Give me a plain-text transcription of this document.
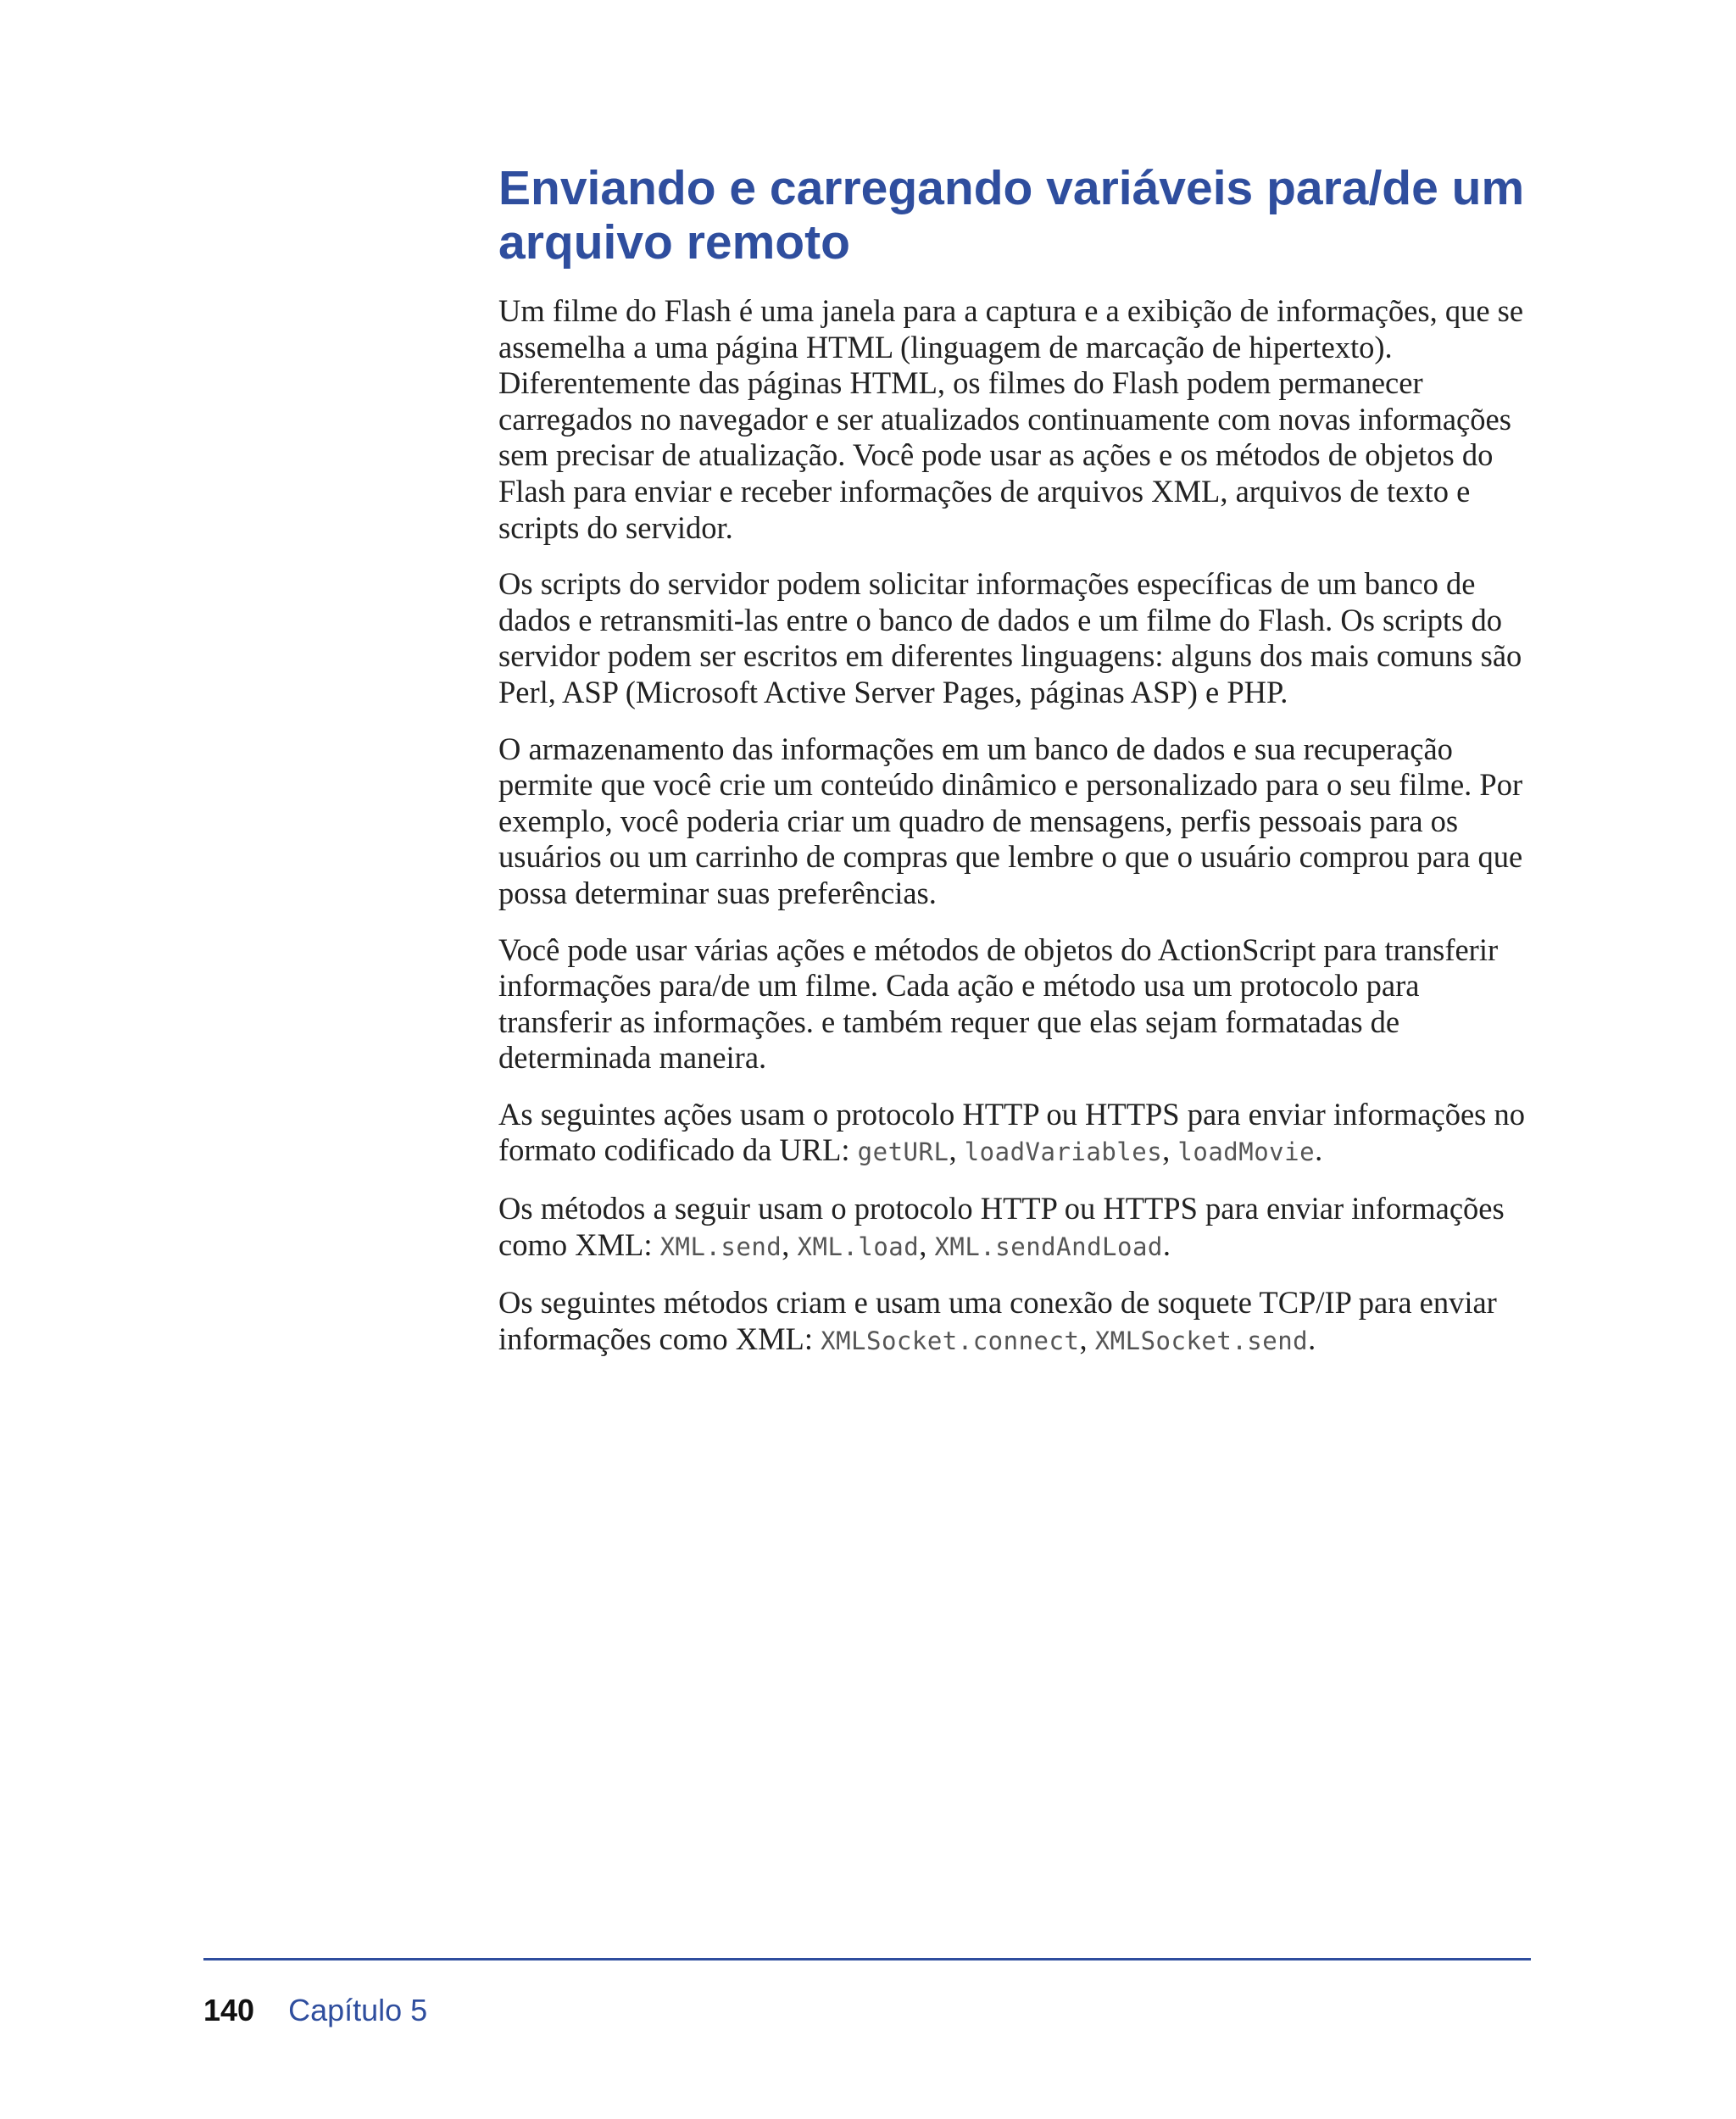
Enviando e carregando variáveis para/de um arquivo remoto

Um filme do Flash é uma janela para a captura e a exibição de informações, que se assemelha a uma página HTML (linguagem de marcação de hipertexto). Diferentemente das páginas HTML, os filmes do Flash podem permanecer carregados no navegador e ser atualizados continuamente com novas informações sem precisar de atualização. Você pode usar as ações e os métodos de objetos do Flash para enviar e receber informações de arquivos XML, arquivos de texto e scripts do servidor.

Os scripts do servidor podem solicitar informações específicas de um banco de dados e retransmiti-las entre o banco de dados e um filme do Flash. Os scripts do servidor podem ser escritos em diferentes linguagens: alguns dos mais comuns são Perl, ASP (Microsoft Active Server Pages, páginas ASP) e PHP.

O armazenamento das informações em um banco de dados e sua recuperação permite que você crie um conteúdo dinâmico e personalizado para o seu filme. Por exemplo, você poderia criar um quadro de mensagens, perfis pessoais para os usuários ou um carrinho de compras que lembre o que o usuário comprou para que possa determinar suas preferências.

Você pode usar várias ações e métodos de objetos do ActionScript para transferir informações para/de um filme. Cada ação e método usa um protocolo para transferir as informações. e também requer que elas sejam formatadas de determinada maneira.

As seguintes ações usam o protocolo HTTP ou HTTPS para enviar informações no formato codificado da URL: getURL, loadVariables, loadMovie.

Os métodos a seguir usam o protocolo HTTP ou HTTPS para enviar informações como XML: XML.send, XML.load, XML.sendAndLoad.

Os seguintes métodos criam e usam uma conexão de soquete TCP/IP para enviar informações como XML: XMLSocket.connect, XMLSocket.send.

140 Capítulo 5
